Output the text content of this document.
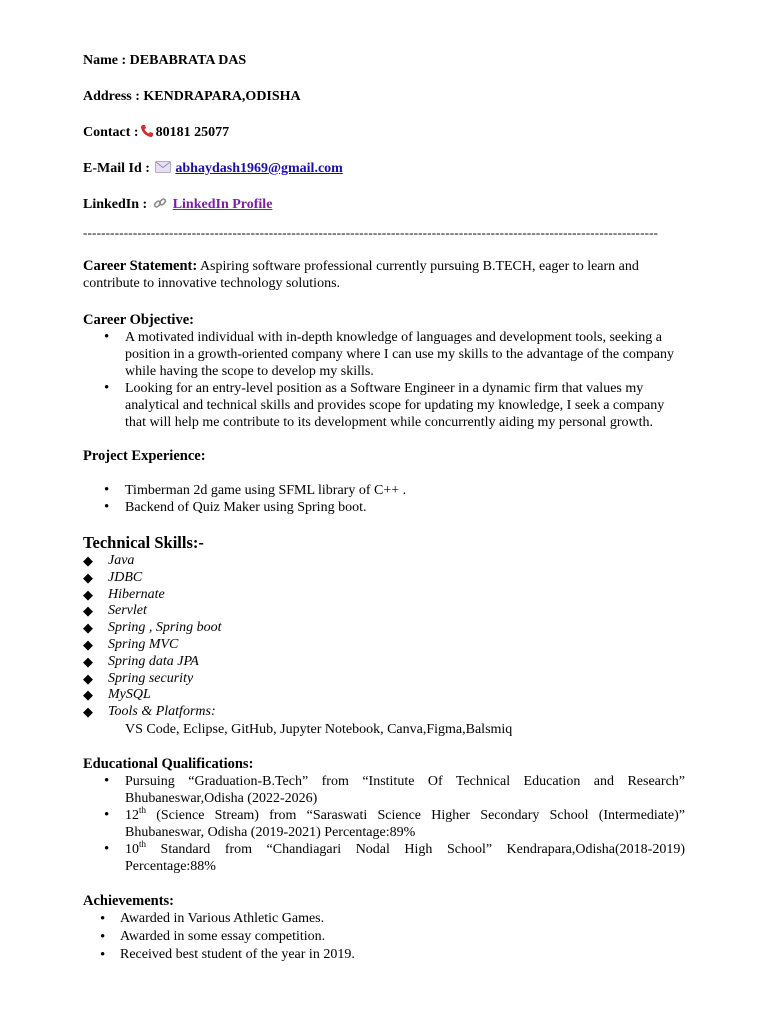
Name : DEBABRATA DAS
Address : KENDRAPARA,ODISHA
Contact : 80181 25077
E-Mail Id : abhaydash1969@gmail.com
LinkedIn : LinkedIn Profile
-------------------------------------------------------------------------------------------------------------------------------

Career Statement: Aspiring software professional currently pursuing B.TECH, eager to learn and contribute to innovative technology solutions.

Career Objective:
• A motivated individual with in-depth knowledge of languages and development tools, seeking a position in a growth-oriented company where I can use my skills to the advantage of the company while having the scope to develop my skills.
• Looking for an entry-level position as a Software Engineer in a dynamic firm that values my analytical and technical skills and provides scope for updating my knowledge, I seek a company that will help me contribute to its development while concurrently aiding my personal growth.
Project Experience:
• Timberman 2d game using SFML library of C++ .
• Backend of Quiz Maker using Spring boot.
Technical Skills:-
◆ Java
◆ JDBC
◆ Hibernate
◆ Servlet
◆ Spring , Spring boot
◆ Spring MVC
◆ Spring data JPA
◆ Spring security
◆ MySQL
◆ Tools & Platforms:
VS Code, Eclipse, GitHub, Jupyter Notebook, Canva,Figma,Balsmiq
Educational Qualifications:
• Pursuing “Graduation-B.Tech” from “Institute Of Technical Education and Research”
Bhubaneswar,Odisha (2022-2026)
• 12th (Science Stream) from “Saraswati Science Higher Secondary School (Intermediate)”
Bhubaneswar, Odisha (2019-2021) Percentage:89%
• 10th Standard from “Chandiagari Nodal High School” Kendrapara,Odisha(2018-2019)
Percentage:88%
Achievements:
• Awarded in Various Athletic Games.
• Awarded in some essay competition.
• Received best student of the year in 2019.
